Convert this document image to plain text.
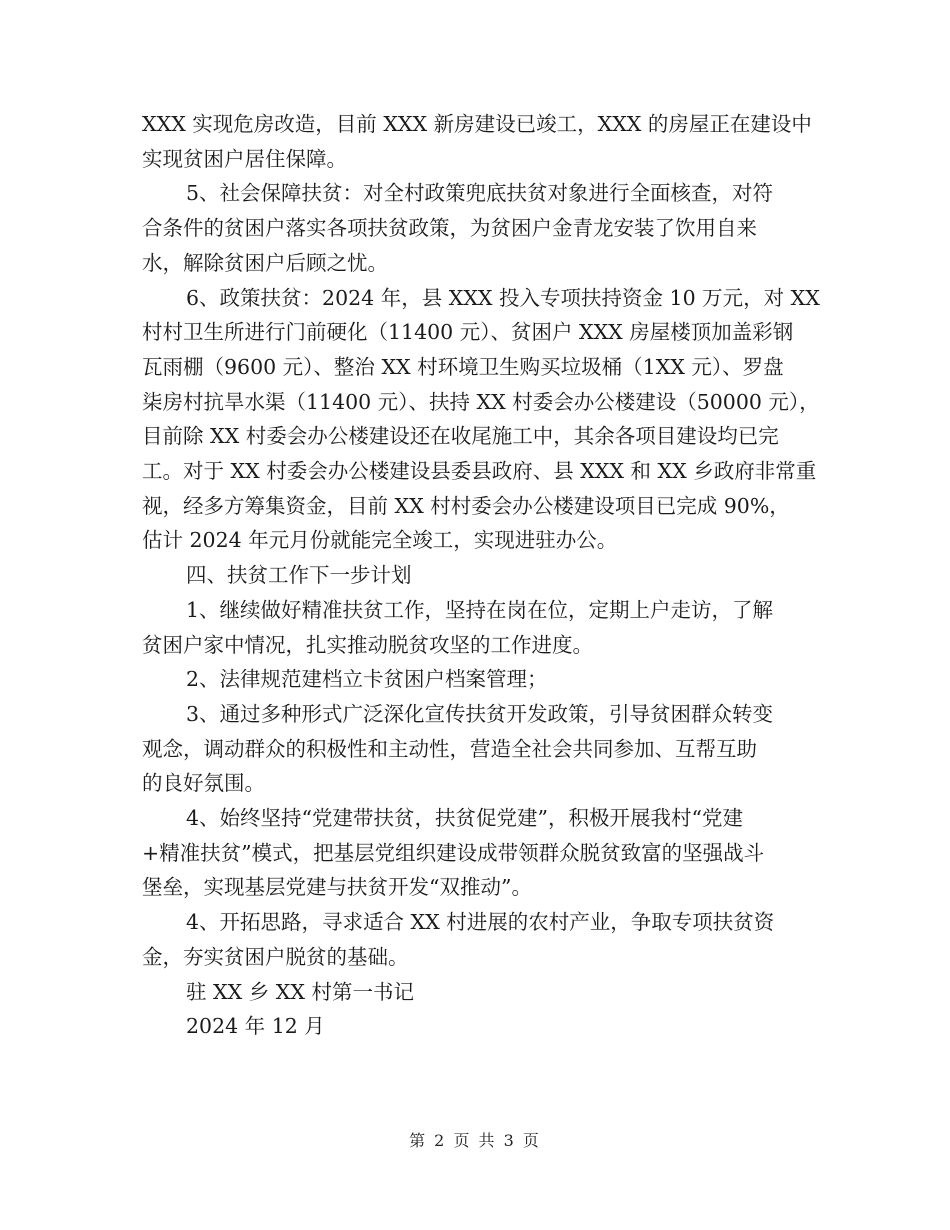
XXX 实现危房改造，目前 XXX 新房建设已竣工，XXX 的房屋正在建设中
实现贫困户居住保障。

5、社会保障扶贫：对全村政策兜底扶贫对象进行全面核查，对符
合条件的贫困户落实各项扶贫政策，为贫困户金青龙安装了饮用自来
水，解除贫困户后顾之忧。

6、政策扶贫：2024 年，县 XXX 投入专项扶持资金 10 万元，对 XX
村村卫生所进行门前硬化（11400 元）、贫困户 XXX 房屋楼顶加盖彩钢
瓦雨棚（9600 元）、整治 XX 村环境卫生购买垃圾桶（1XX 元）、罗盘
柒房村抗旱水渠（11400 元）、扶持 XX 村委会办公楼建设（50000 元），
目前除 XX 村委会办公楼建设还在收尾施工中，其余各项目建设均已完
工。对于 XX 村委会办公楼建设县委县政府、县 XXX 和 XX 乡政府非常重
视，经多方筹集资金，目前 XX 村村委会办公楼建设项目已完成 90%，
估计 2024 年元月份就能完全竣工，实现进驻办公。

四、扶贫工作下一步计划

1、继续做好精准扶贫工作，坚持在岗在位，定期上户走访，了解
贫困户家中情况，扎实推动脱贫攻坚的工作进度。

2、法律规范建档立卡贫困户档案管理；

3、通过多种形式广泛深化宣传扶贫开发政策，引导贫困群众转变
观念，调动群众的积极性和主动性，营造全社会共同参加、互帮互助
的良好氛围。

4、始终坚持“党建带扶贫，扶贫促党建”，积极开展我村“党建
+精准扶贫”模式，把基层党组织建设成带领群众脱贫致富的坚强战斗
堡垒，实现基层党建与扶贫开发“双推动”。

4、开拓思路，寻求适合 XX 村进展的农村产业，争取专项扶贫资
金，夯实贫困户脱贫的基础。

驻 XX 乡 XX 村第一书记

2024 年 12 月

第 2 页 共 3 页
